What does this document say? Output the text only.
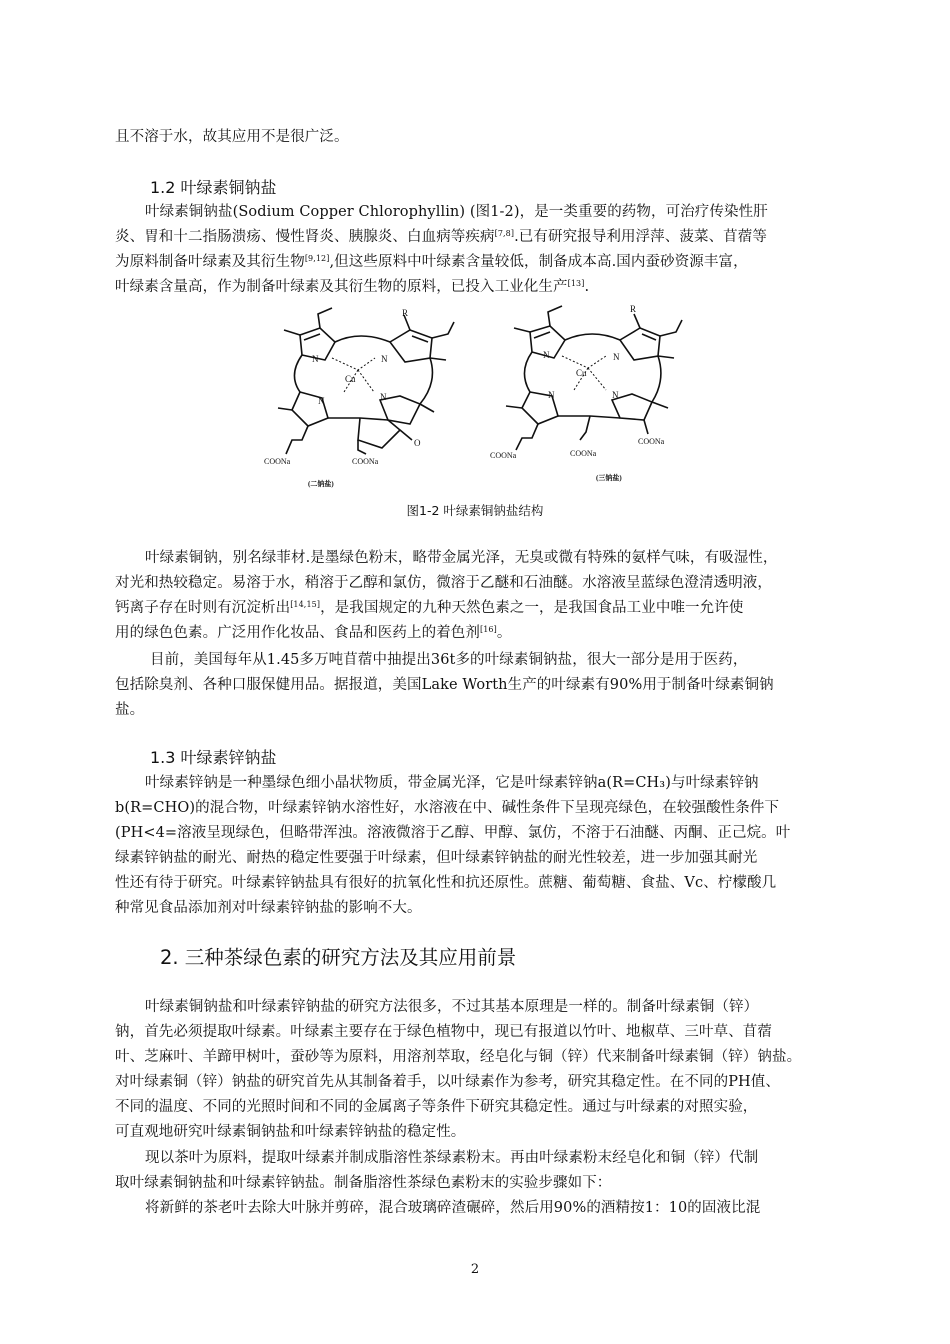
且不溶于水，故其应用不是很广泛。
1.2 叶绿素铜钠盐
叶绿素铜钠盐(Sodium Copper Chlorophyllin) (图1-2)，是一类重要的药物，可治疗传染性肝
炎、胃和十二指肠溃疡、慢性肾炎、胰腺炎、白血病等疾病[7,8].已有研究报导利用浮萍、菠菜、苜蓿等
为原料制备叶绿素及其衍生物[9,12],但这些原料中叶绿素含量较低，制备成本高.国内蚕砂资源丰富，
叶绿素含量高，作为制备叶绿素及其衍生物的原料，已投入工业化生产[13].
R
N	N
Cu
N	N
O
COONa	COONa
(二钠盐)
R
N	N
Cu
N	N
COONa
COONa	COONa
(三钠盐)
图1-2 叶绿素铜钠盐结构
叶绿素铜钠，别名绿菲材.是墨绿色粉末，略带金属光泽，无臭或微有特殊的氨样气味，有吸湿性，
对光和热较稳定。易溶于水，稍溶于乙醇和氯仿，微溶于乙醚和石油醚。水溶液呈蓝绿色澄清透明液，
钙离子存在时则有沉淀析出[14,15]，是我国规定的九种天然色素之一，是我国食品工业中唯一允许使
用的绿色色素。广泛用作化妆品、食品和医药上的着色剂[16]。
目前，美国每年从1.45多万吨苜蓿中抽提出36t多的叶绿素铜钠盐，很大一部分是用于医药，
包括除臭剂、各种口服保健用品。据报道，美国Lake Worth生产的叶绿素有90%用于制备叶绿素铜钠
盐。
1.3 叶绿素锌钠盐
叶绿素锌钠是一种墨绿色细小晶状物质，带金属光泽，它是叶绿素锌钠a(R=CH₃)与叶绿素锌钠
b(R=CHO)的混合物，叶绿素锌钠水溶性好，水溶液在中、碱性条件下呈现亮绿色，在较强酸性条件下
(PH<4=溶液呈现绿色，但略带浑浊。溶液微溶于乙醇、甲醇、氯仿，不溶于石油醚、丙酮、正己烷。叶
绿素锌钠盐的耐光、耐热的稳定性要强于叶绿素，但叶绿素锌钠盐的耐光性较差，进一步加强其耐光
性还有待于研究。叶绿素锌钠盐具有很好的抗氧化性和抗还原性。蔗糖、葡萄糖、食盐、Vc、柠檬酸几
种常见食品添加剂对叶绿素锌钠盐的影响不大。
2. 三种茶绿色素的研究方法及其应用前景
叶绿素铜钠盐和叶绿素锌钠盐的研究方法很多，不过其基本原理是一样的。制备叶绿素铜（锌）
钠，首先必须提取叶绿素。叶绿素主要存在于绿色植物中，现已有报道以竹叶、地椒草、三叶草、苜蓿
叶、芝麻叶、羊蹄甲树叶，蚕砂等为原料，用溶剂萃取，经皂化与铜（锌）代来制备叶绿素铜（锌）钠盐。
对叶绿素铜（锌）钠盐的研究首先从其制备着手，以叶绿素作为参考，研究其稳定性。在不同的PH值、
不同的温度、不同的光照时间和不同的金属离子等条件下研究其稳定性。通过与叶绿素的对照实验，
可直观地研究叶绿素铜钠盐和叶绿素锌钠盐的稳定性。
现以茶叶为原料，提取叶绿素并制成脂溶性茶绿素粉末。再由叶绿素粉末经皂化和铜（锌）代制
取叶绿素铜钠盐和叶绿素锌钠盐。制备脂溶性茶绿色素粉末的实验步骤如下：
将新鲜的茶老叶去除大叶脉并剪碎，混合玻璃碎渣碾碎，然后用90%的酒精按1：10的固液比混
2
